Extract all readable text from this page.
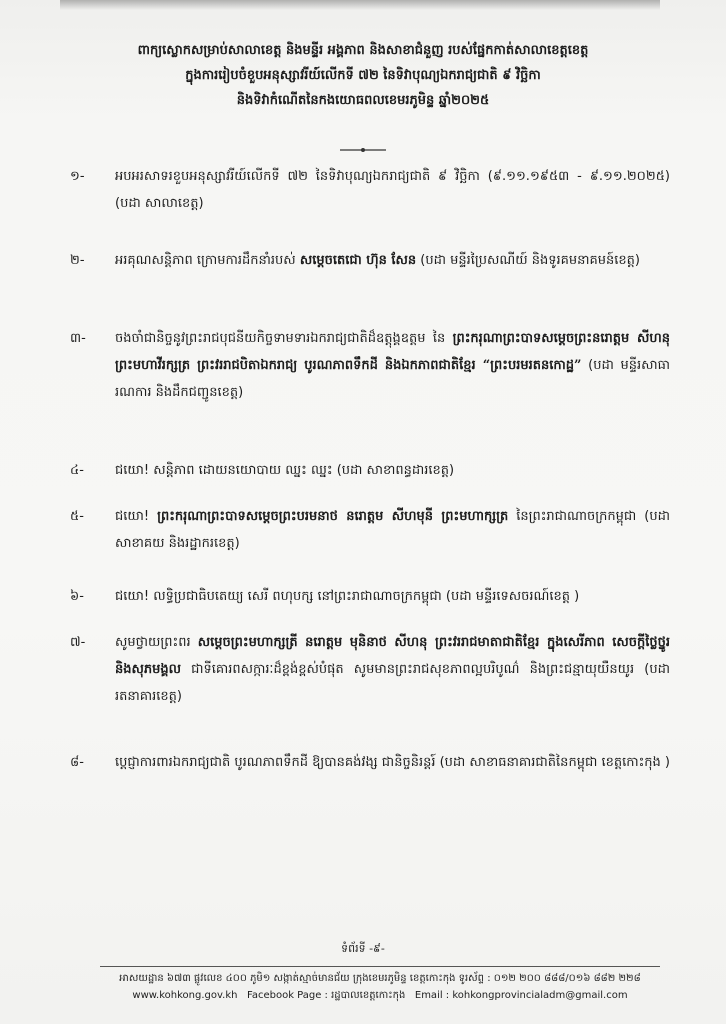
ពាក្យស្លោកសម្រាប់សាលាខេត្ត និងមន្ទីរ អង្គភាព និងសាខាជំនួញ របស់ផ្នែកកាត់សាលាខេត្តខេត្ត
ក្នុងការរៀបចំខួបអនុស្សាវរីយ៍លើកទី ៧២ នៃទិវាបុណ្យឯករាជ្យជាតិ ៩ វិច្ឆិកា
និងទិវាកំណើតនៃកងយោធពលខេមរភូមិន្ទ ឆ្នាំ២០២៥
១-	អបអរសាទរខួបអនុស្សាវរីយ៍លើកទី ៧២ នៃទិវាបុណ្យឯករាជ្យជាតិ ៩ វិច្ឆិកា (៩.១១.១៩៥៣ - ៩.១១.២០២៥) (បដា សាលាខេត្ត)
២-	អរគុណសន្តិភាព ក្រោមការដឹកនាំរបស់ សម្តេចតេជោ ហ៊ុន សែន (បដា មន្ទីរប្រៃសណីយ៍ និងទូរគមនាគមន៍ខេត្ត)
៣-	ចងចាំជានិច្ចនូវព្រះរាជបុជនីយកិច្ចទាមទារឯករាជ្យជាតិដ៏ឧត្តុង្គឧត្តម នៃ ព្រះករុណាព្រះបាទសម្តេចព្រះនរោត្តម សីហនុ ព្រះមហាវីរក្សត្រ ព្រះវររាជបិតាឯករាជ្យ បូរណភាពទឹកដី និងឯកភាពជាតិខ្មែរ “ព្រះបរមរតនកោដ្ឋ” (បដា មន្ទីរសាធារណការ និងដឹកជញ្ជូនខេត្ត)
៤-	ជយោ! សន្តិភាព ដោយនយោបាយ ឈ្នះ ឈ្នះ (បដា សាខាពន្ធដារខេត្ត)
៥-	ជយោ! ព្រះករុណាព្រះបាទសម្តេចព្រះបរមនាថ នរោត្តម សីហមុនី ព្រះមហាក្សត្រ នៃព្រះរាជាណាចក្រកម្ពុជា (បដា សាខាគយ និងរដ្ឋាករខេត្ត)
៦-	ជយោ! លទ្ធិប្រជាធិបតេយ្យ សេរី ពហុបក្ស នៅព្រះរាជាណាចក្រកម្ពុជា (បដា មន្ទីរទេសចរណ៍ខេត្ត )
៧-	សូមថ្វាយព្រះពរ សម្តេចព្រះមហាក្សត្រី នរោត្តម មុនិនាថ សីហនុ ព្រះវររាជមាតាជាតិខ្មែរ ក្នុងសេរីភាព សេចក្តីថ្លៃថ្នូរ និងសុភមង្គល ជាទីគោរពសក្ការៈដ៏ខ្ពង់ខ្ពស់បំផុត សូមមានព្រះរាជសុខភាពល្អបរិបូណ៌ និងព្រះជន្មាយុយឺនយូរ (បដា រតនាគារខេត្ត)
៨-	ប្តេជ្ញាការពារឯករាជ្យជាតិ បូរណភាពទឹកដី ឱ្យបានគង់វង្ស ជានិច្ចនិរន្តរ៍ (បដា សាខាធនាគារជាតិនៃកម្ពុជា ខេត្តកោះកុង )
ទំព័រទី -៩-
អាសយដ្ឋាន ៦៧៣ ផ្លូវលេខ ៤០០ ភូមិ១ សង្កាត់ស្មាច់មានជ័យ ក្រុងខេមរភូមិន្ទ ខេត្តកោះកុង ទូរស័ព្ទ : ០១២ ២០០ ៨៨៨/០១៦ ៨៨២ ២២៨
www.kohkong.gov.kh Facebook Page : រដ្ឋបាលខេត្តកោះកុង Email : kohkongprovincialadm@gmail.com
